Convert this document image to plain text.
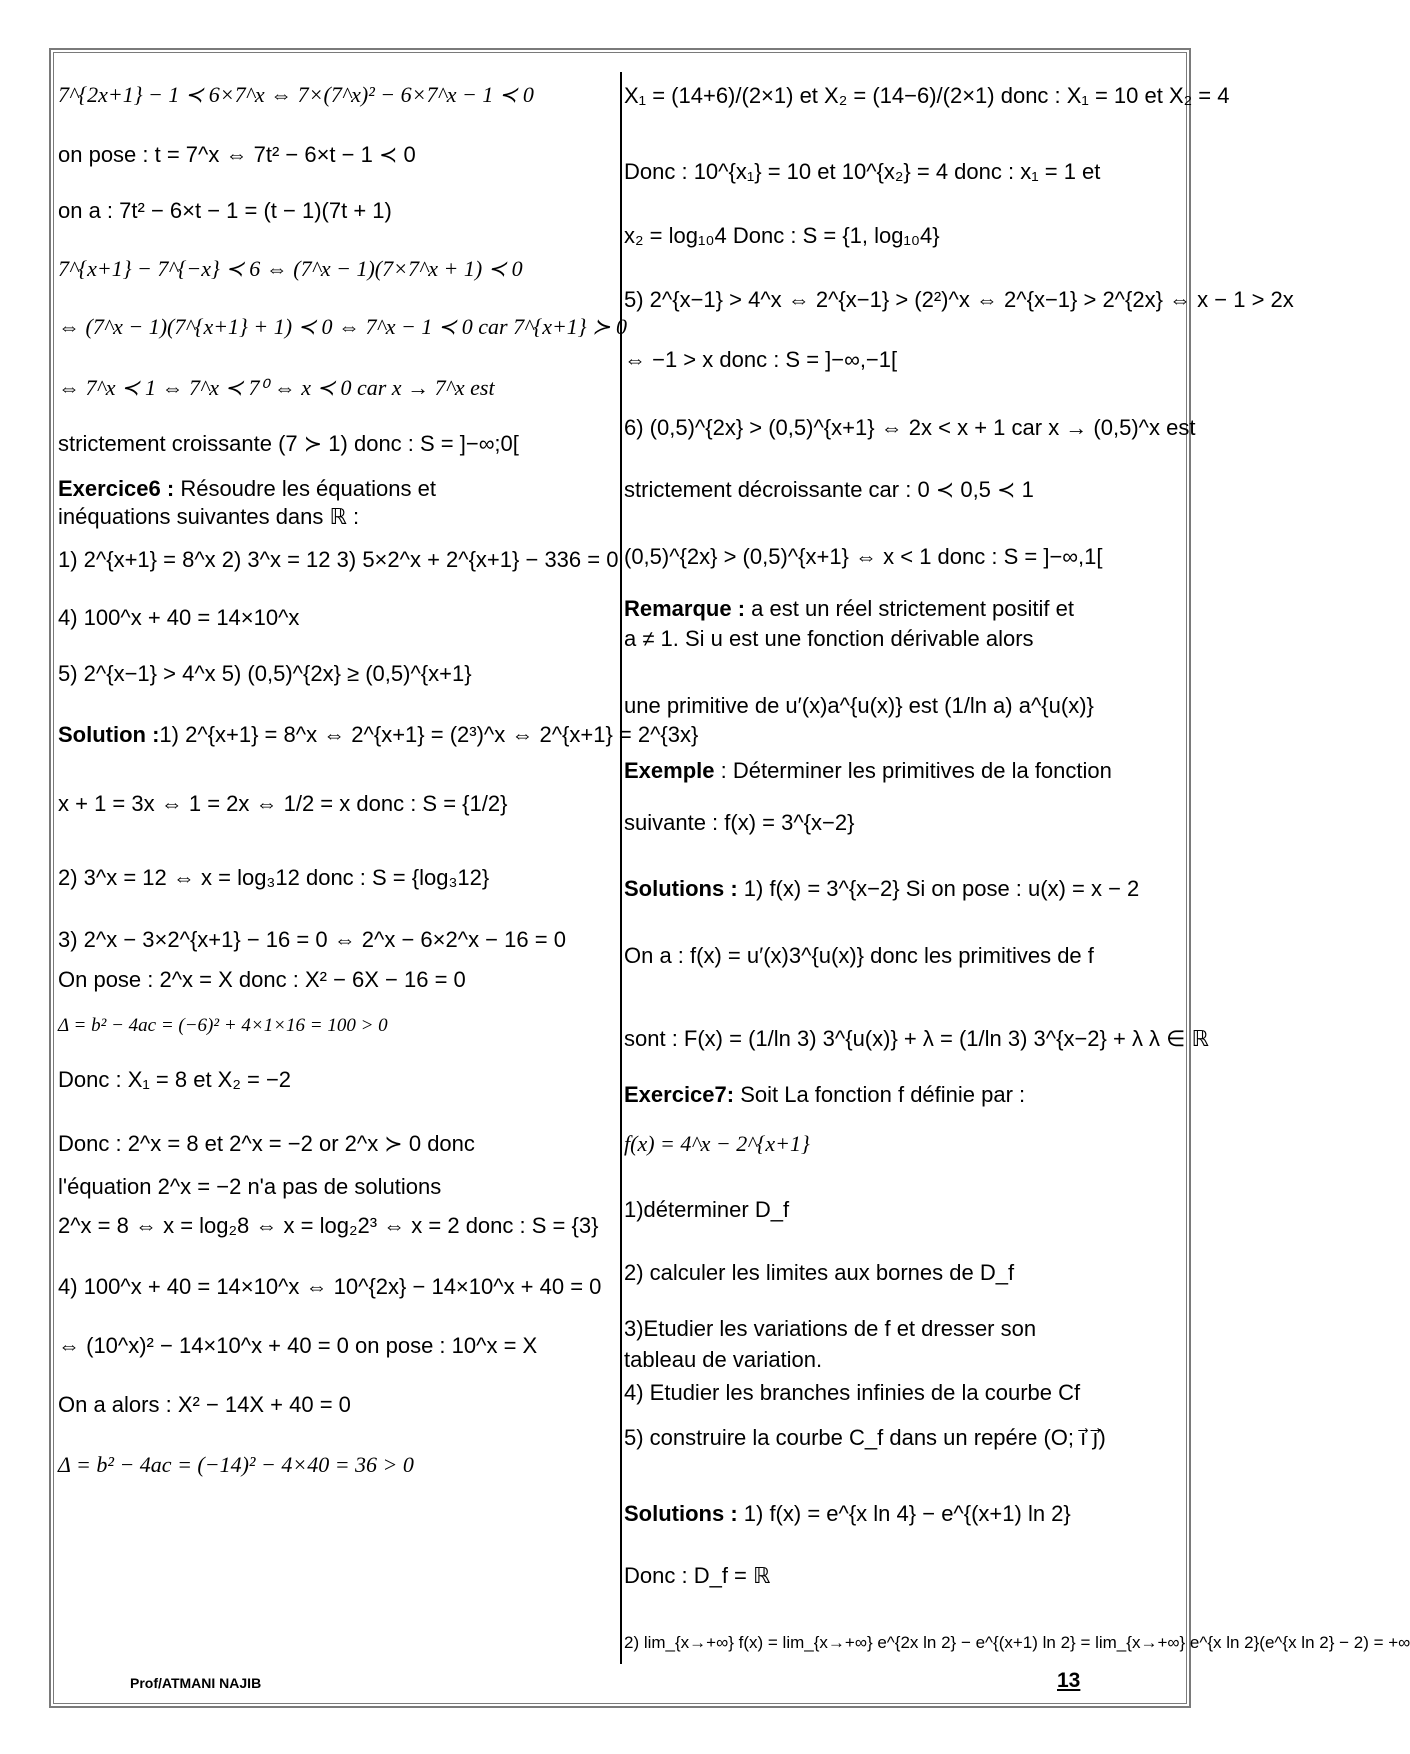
7^{2x+1} − 1 ≺ 6×7^x ⇔ 7×(7^x)² − 6×7^x − 1 ≺ 0
on pose : t = 7^x ⇔ 7t² − 6×t − 1 ≺ 0
on a : 7t² − 6×t − 1 = (t − 1)(7t + 1)
7^{x+1} − 7^{−x} ≺ 6 ⇔ (7^x − 1)(7×7^x + 1) ≺ 0
⇔ (7^x − 1)(7^{x+1} + 1) ≺ 0 ⇔ 7^x − 1 ≺ 0 car 7^{x+1} ≻ 0
⇔ 7^x ≺ 1 ⇔ 7^x ≺ 7⁰ ⇔ x ≺ 0 car x → 7^x est
strictement croissante (7 ≻ 1) donc : S = ]−∞;0[
Exercice6 : Résoudre les équations et
inéquations suivantes dans ℝ :
1) 2^{x+1} = 8^x 2) 3^x = 12 3) 5×2^x + 2^{x+1} − 336 = 0
4) 100^x + 40 = 14×10^x
5) 2^{x−1} > 4^x 5) (0,5)^{2x} ≥ (0,5)^{x+1}
Solution :1) 2^{x+1} = 8^x ⇔ 2^{x+1} = (2³)^x ⇔ 2^{x+1} = 2^{3x}
x + 1 = 3x ⇔ 1 = 2x ⇔ 1/2 = x donc : S = {1/2}
2) 3^x = 12 ⇔ x = log₃12 donc : S = {log₃12}
3) 2^x − 3×2^{x+1} − 16 = 0 ⇔ 2^x − 6×2^x − 16 = 0
On pose : 2^x = X donc : X² − 6X − 16 = 0
Δ = b² − 4ac = (−6)² + 4×1×16 = 100 > 0
Donc : X₁ = 8 et X₂ = −2
Donc : 2^x = 8 et 2^x = −2 or 2^x ≻ 0 donc
l'équation 2^x = −2 n'a pas de solutions
2^x = 8 ⇔ x = log₂8 ⇔ x = log₂2³ ⇔ x = 2 donc : S = {3}
4) 100^x + 40 = 14×10^x ⇔ 10^{2x} − 14×10^x + 40 = 0
⇔ (10^x)² − 14×10^x + 40 = 0 on pose : 10^x = X
On a alors : X² − 14X + 40 = 0
Δ = b² − 4ac = (−14)² − 4×40 = 36 > 0
X₁ = (14+6)/(2×1) et X₂ = (14−6)/(2×1) donc : X₁ = 10 et X₂ = 4
Donc : 10^{x₁} = 10 et 10^{x₂} = 4 donc : x₁ = 1 et
x₂ = log₁₀4 Donc : S = {1, log₁₀4}
5) 2^{x−1} > 4^x ⇔ 2^{x−1} > (2²)^x ⇔ 2^{x−1} > 2^{2x} ⇔ x − 1 > 2x
⇔ −1 > x donc : S = ]−∞,−1[
6) (0,5)^{2x} > (0,5)^{x+1} ⇔ 2x < x + 1 car x → (0,5)^x est
strictement décroissante car : 0 ≺ 0,5 ≺ 1
(0,5)^{2x} > (0,5)^{x+1} ⇔ x < 1 donc : S = ]−∞,1[
Remarque : a est un réel strictement positif et
a ≠ 1. Si u est une fonction dérivable alors
une primitive de u′(x)a^{u(x)} est (1/ln a) a^{u(x)}
Exemple : Déterminer les primitives de la fonction
suivante : f(x) = 3^{x−2}
Solutions : 1) f(x) = 3^{x−2} Si on pose : u(x) = x − 2
On a : f(x) = u′(x)3^{u(x)} donc les primitives de f
sont : F(x) = (1/ln 3) 3^{u(x)} + λ = (1/ln 3) 3^{x−2} + λ λ ∈ ℝ
Exercice7: Soit La fonction f définie par :
f(x) = 4^x − 2^{x+1}
1)déterminer D_f
2) calculer les limites aux bornes de D_f
3)Etudier les variations de f et dresser son
tableau de variation.
4) Etudier les branches infinies de la courbe Cf
5) construire la courbe C_f dans un repére (O; i⃗ j⃗)
Solutions : 1) f(x) = e^{x ln 4} − e^{(x+1) ln 2}
Donc : D_f = ℝ
2) lim_{x→+∞} f(x) = lim_{x→+∞} e^{2x ln 2} − e^{(x+1) ln 2} = lim_{x→+∞} e^{x ln 2}(e^{x ln 2} − 2) = +∞
Prof/ATMANI NAJIB	13
